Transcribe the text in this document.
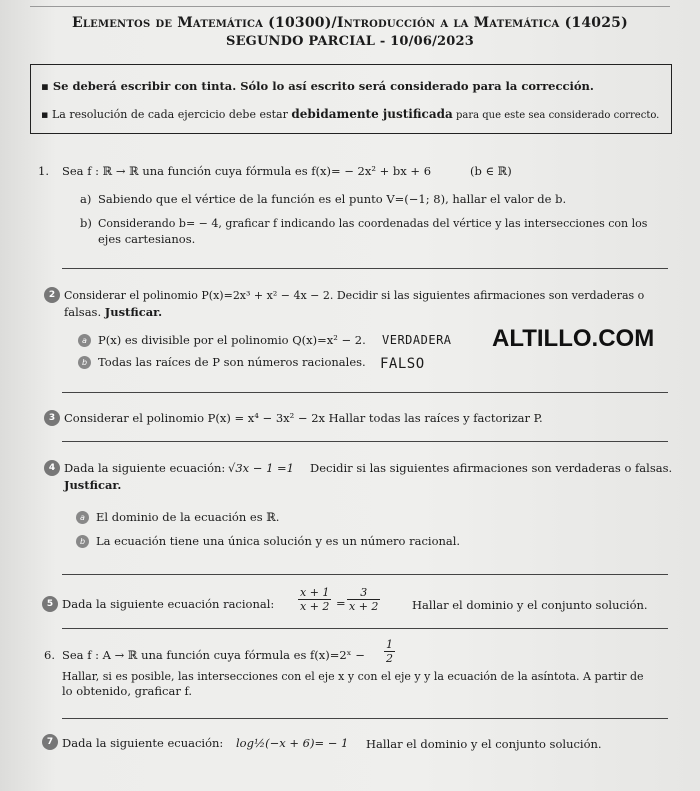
Elementos de Matemática (10300)/Introducción a la Matemática (14025)
SEGUNDO PARCIAL - 10/06/2023
▪ Se deberá escribir con tinta. Sólo lo así escrito será considerado para la corrección.
▪ La resolución de cada ejercicio debe estar debidamente justificada para que este sea considerado correcto.
1. Sea f : ℝ → ℝ una función cuya fórmula es f(x)= − 2x² + bx + 6	(b ∈ ℝ)
a) Sabiendo que el vértice de la función es el punto V=(−1; 8), hallar el valor de b.
b) Considerando b= − 4, graficar f indicando las coordenadas del vértice y las intersecciones con los
ejes cartesianos.
2 Considerar el polinomio P(x)=2x³ + x² − 4x − 2. Decidir si las siguientes afirmaciones son verdaderas o
falsas. Justficar.
a P(x) es divisible por el polinomio Q(x)=x² − 2. VERDADERA ALTILLO.COM
b Todas las raíces de P son números racionales. FALSO
3 Considerar el polinomio P(x) = x⁴ − 3x² − 2x Hallar todas las raíces y factorizar P.
4 Dada la siguiente ecuación: √3x − 1 =1 Decidir si las siguientes afirmaciones son verdaderas o falsas.
Justficar.
a El dominio de la ecuación es ℝ.
b La ecuación tiene una única solución y es un número racional.
5 Dada la siguiente ecuación racional: $\frac{x + 1}{x + 2} = \frac{3}{x + 2}$	Hallar el dominio y el conjunto solución.
6. Sea f : A → ℝ una función cuya fórmula es f(x)=2ˣ − $\frac{1}{2}$
Hallar, si es posible, las intersecciones con el eje x y con el eje y y la ecuación de la asíntota. A partir de
lo obtenido, graficar f.
7 Dada la siguiente ecuación: log½(−x + 6)= − 1 Hallar el dominio y el conjunto solución.
